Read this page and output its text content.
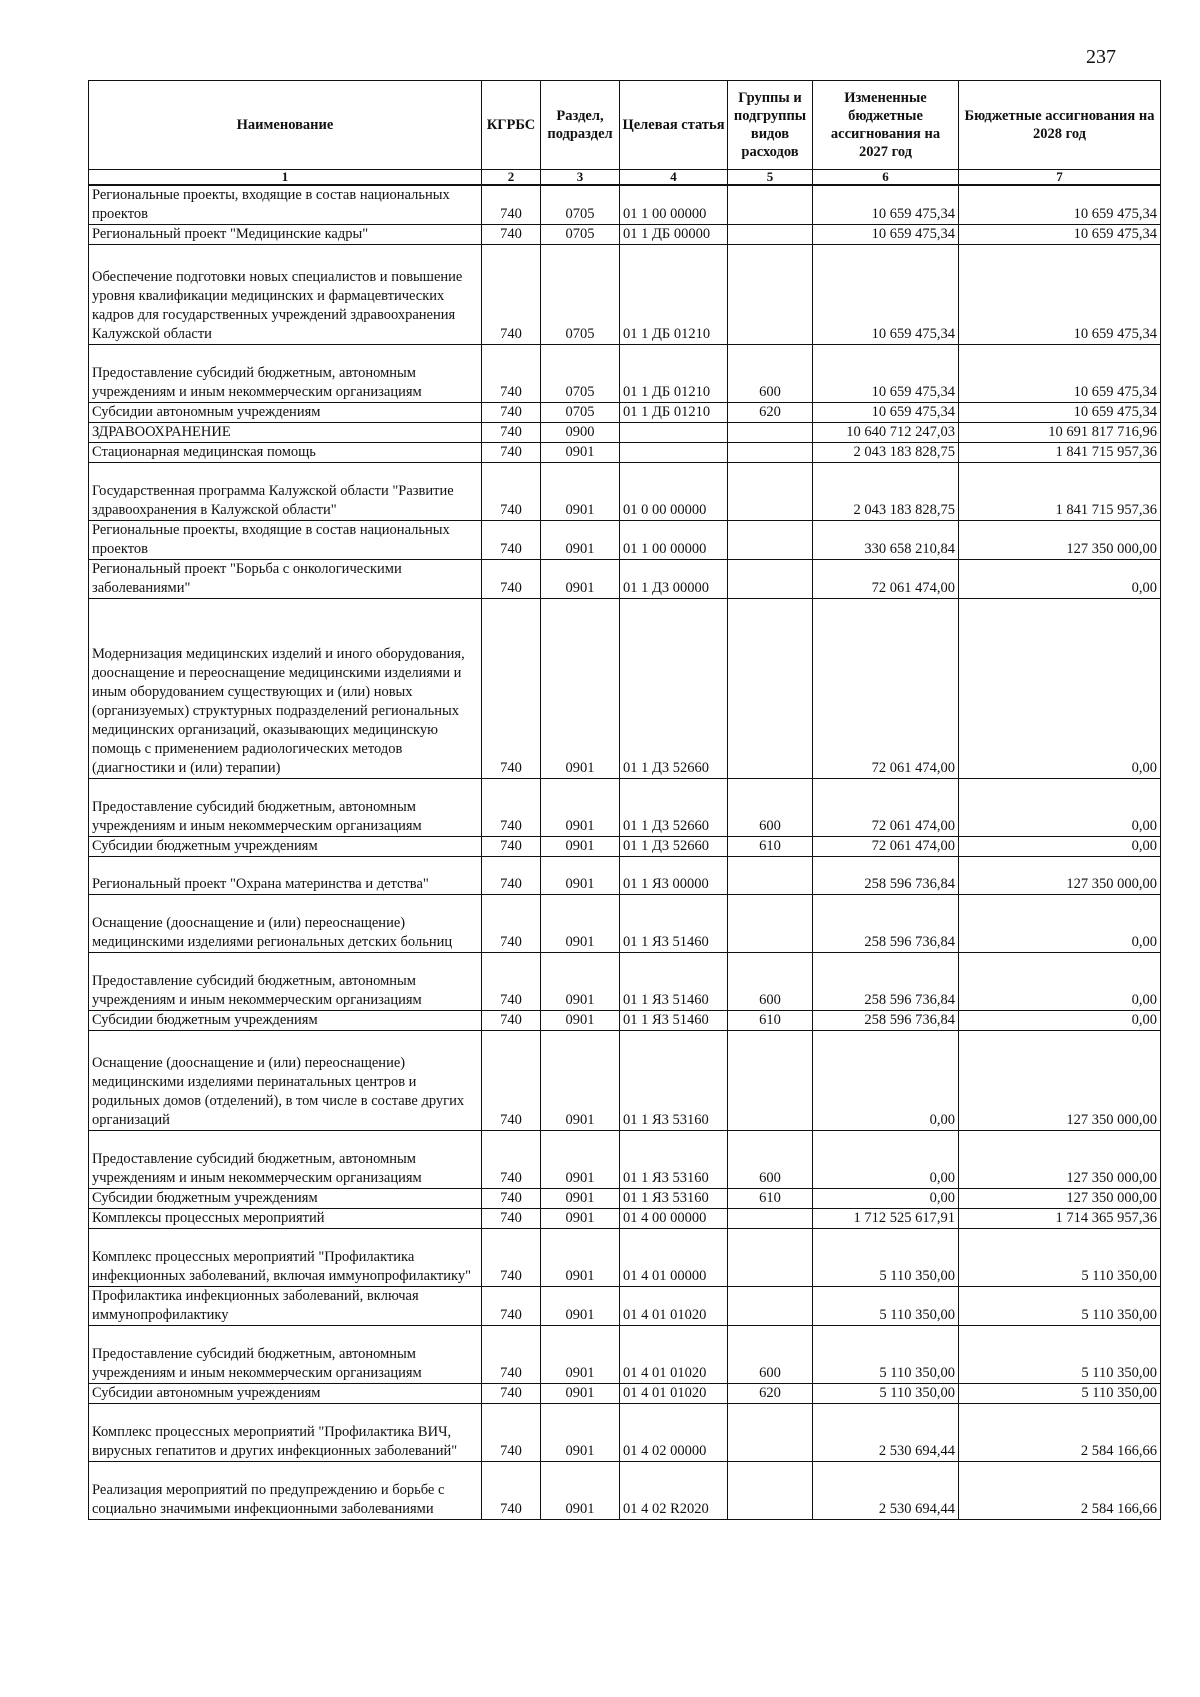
237
Наименование	КГРБС	Раздел, подраздел	Целевая статья	Группы и подгруппы видов расходов	Измененные бюджетные ассигнования на 2027 год	Бюджетные ассигнования на 2028 год
1	2	3	4	5	6	7
Региональные проекты, входящие в состав национальных проектов	740	0705	01 1 00 00000		10 659 475,34	10 659 475,34
Региональный проект "Медицинские кадры"	740	0705	01 1 ДБ 00000		10 659 475,34	10 659 475,34
Обеспечение подготовки новых специалистов и повышение уровня квалификации медицинских и фармацевтических кадров для государственных учреждений здравоохранения Калужской области	740	0705	01 1 ДБ 01210		10 659 475,34	10 659 475,34
Предоставление субсидий бюджетным, автономным учреждениям и иным некоммерческим организациям	740	0705	01 1 ДБ 01210	600	10 659 475,34	10 659 475,34
Субсидии автономным учреждениям	740	0705	01 1 ДБ 01210	620	10 659 475,34	10 659 475,34
ЗДРАВООХРАНЕНИЕ	740	0900			10 640 712 247,03	10 691 817 716,96
Стационарная медицинская помощь	740	0901			2 043 183 828,75	1 841 715 957,36
Государственная программа Калужской области "Развитие здравоохранения в Калужской области"	740	0901	01 0 00 00000		2 043 183 828,75	1 841 715 957,36
Региональные проекты, входящие в состав национальных проектов	740	0901	01 1 00 00000		330 658 210,84	127 350 000,00
Региональный проект "Борьба с онкологическими заболеваниями"	740	0901	01 1 Д3 00000		72 061 474,00	0,00
Модернизация медицинских изделий и иного оборудования, дооснащение и переоснащение медицинскими изделиями и иным оборудованием существующих и (или) новых (организуемых) структурных подразделений региональных медицинских организаций, оказывающих медицинскую помощь с применением радиологических методов (диагностики и (или) терапии)	740	0901	01 1 Д3 52660		72 061 474,00	0,00
Предоставление субсидий бюджетным, автономным учреждениям и иным некоммерческим организациям	740	0901	01 1 Д3 52660	600	72 061 474,00	0,00
Субсидии бюджетным учреждениям	740	0901	01 1 Д3 52660	610	72 061 474,00	0,00
Региональный проект "Охрана материнства и детства"	740	0901	01 1 Я3 00000		258 596 736,84	127 350 000,00
Оснащение (дооснащение и (или) переоснащение) медицинскими изделиями региональных детских больниц	740	0901	01 1 Я3 51460		258 596 736,84	0,00
Предоставление субсидий бюджетным, автономным учреждениям и иным некоммерческим организациям	740	0901	01 1 Я3 51460	600	258 596 736,84	0,00
Субсидии бюджетным учреждениям	740	0901	01 1 Я3 51460	610	258 596 736,84	0,00
Оснащение (дооснащение и (или) переоснащение) медицинскими изделиями перинатальных центров и родильных домов (отделений), в том числе в составе других организаций	740	0901	01 1 Я3 53160		0,00	127 350 000,00
Предоставление субсидий бюджетным, автономным учреждениям и иным некоммерческим организациям	740	0901	01 1 Я3 53160	600	0,00	127 350 000,00
Субсидии бюджетным учреждениям	740	0901	01 1 Я3 53160	610	0,00	127 350 000,00
Комплексы процессных мероприятий	740	0901	01 4 00 00000		1 712 525 617,91	1 714 365 957,36
Комплекс процессных мероприятий "Профилактика инфекционных заболеваний, включая иммунопрофилактику"	740	0901	01 4 01 00000		5 110 350,00	5 110 350,00
Профилактика инфекционных заболеваний, включая иммунопрофилактику	740	0901	01 4 01 01020		5 110 350,00	5 110 350,00
Предоставление субсидий бюджетным, автономным учреждениям и иным некоммерческим организациям	740	0901	01 4 01 01020	600	5 110 350,00	5 110 350,00
Субсидии автономным учреждениям	740	0901	01 4 01 01020	620	5 110 350,00	5 110 350,00
Комплекс процессных мероприятий "Профилактика ВИЧ, вирусных гепатитов и других инфекционных заболеваний"	740	0901	01 4 02 00000		2 530 694,44	2 584 166,66
Реализация мероприятий по предупреждению и борьбе с социально значимыми инфекционными заболеваниями	740	0901	01 4 02 R2020		2 530 694,44	2 584 166,66
